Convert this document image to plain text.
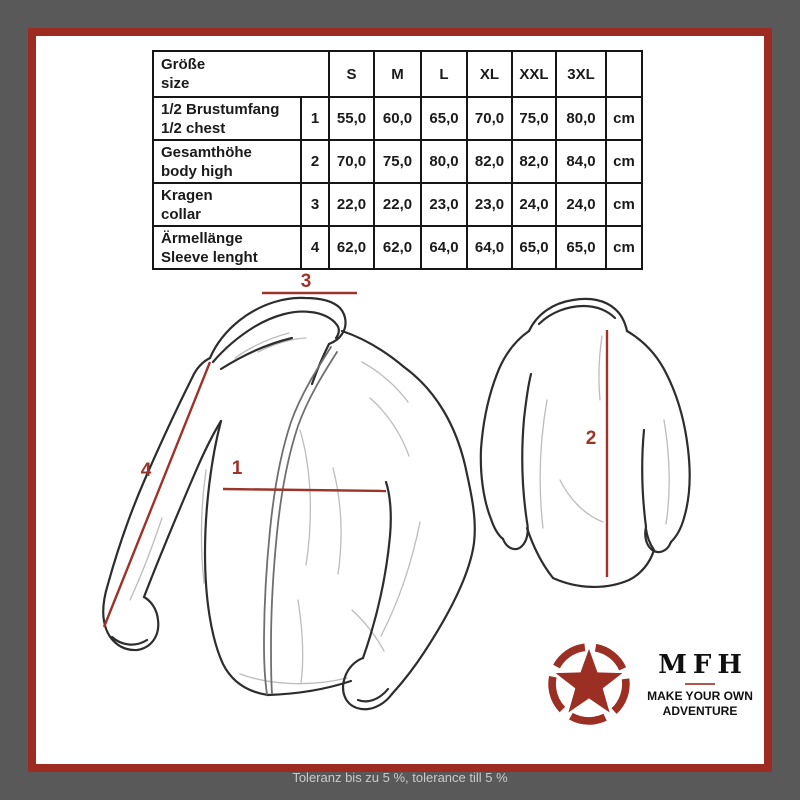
Größe
size		S	M	L	XL	XXL	3XL	

1/2 Brustumfang
1/2 chest	1	55,0	60,0	65,0	70,0	75,0	80,0	cm

Gesamthöhe
body high	2	70,0	75,0	80,0	82,0	82,0	84,0	cm

Kragen
collar	3	22,0	22,0	23,0	23,0	24,0	24,0	cm

Ärmellänge
Sleeve lenght	4	62,0	62,0	64,0	64,0	65,0	65,0	cm
3
4	1
2
MFH
MAKE YOUR OWN
ADVENTURE
Toleranz bis zu 5 %, tolerance till 5 %
